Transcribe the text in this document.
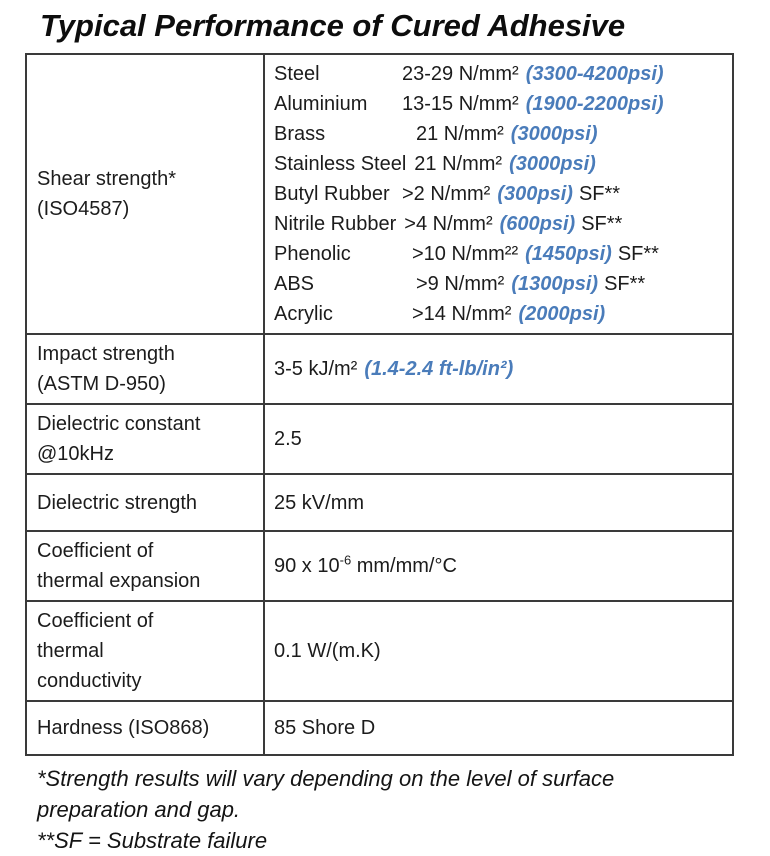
Typical Performance of Cured Adhesive
Shear strength*
(ISO4587)

Steel	23-29 N/mm² (3300-4200psi)
Aluminium	13-15 N/mm² (1900-2200psi)
Brass	21 N/mm² (3000psi)
Stainless Steel 21 N/mm² (3000psi)
Butyl Rubber >2 N/mm² (300psi) SF**
Nitrile Rubber >4 N/mm² (600psi) SF**
Phenolic	>10 N/mm²² (1450psi) SF**
ABS	>9 N/mm² (1300psi) SF**
Acrylic	>14 N/mm² (2000psi)

Impact strength
(ASTM D-950)	3-5 kJ/m² (1.4-2.4 ft-lb/in²)

Dielectric constant
@10kHz	2.5

Dielectric strength	25 kV/mm

Coefficient of
thermal expansion	90 x $10^{-6}$ mm/mm/°C

Coefficient of
thermal
conductivity	0.1 W/(m.K)

Hardness (ISO868)	85 Shore D
*Strength results will vary depending on the level of surface
preparation and gap.
**SF = Substrate failure
